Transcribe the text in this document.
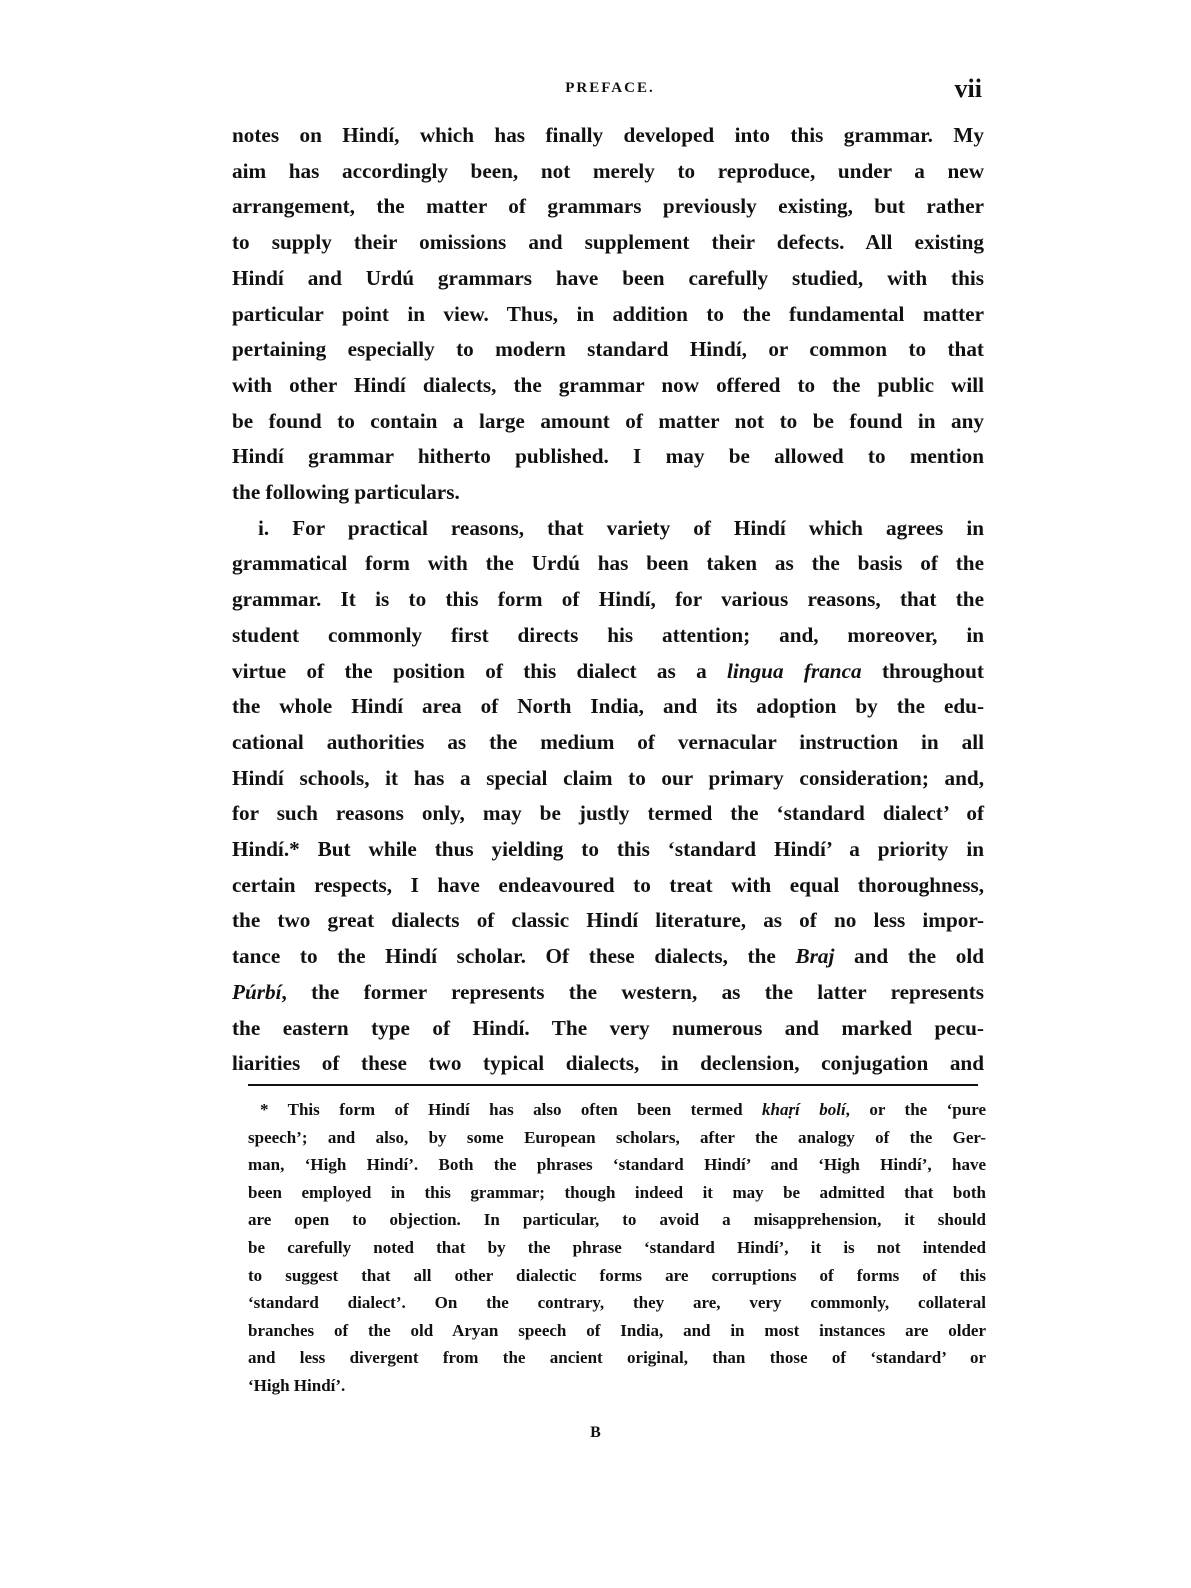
PREFACE.	vii
notes on Hindí, which has finally developed into this grammar. My
aim has accordingly been, not merely to reproduce, under a new
arrangement, the matter of grammars previously existing, but rather
to supply their omissions and supplement their defects. All existing
Hindí and Urdú grammars have been carefully studied, with this
particular point in view. Thus, in addition to the fundamental matter
pertaining especially to modern standard Hindí, or common to that
with other Hindí dialects, the grammar now offered to the public will
be found to contain a large amount of matter not to be found in any
Hindí grammar hitherto published. I may be allowed to mention
the following particulars.
i. For practical reasons, that variety of Hindí which agrees in
grammatical form with the Urdú has been taken as the basis of the
grammar. It is to this form of Hindí, for various reasons, that the
student commonly first directs his attention; and, moreover, in
virtue of the position of this dialect as a lingua franca throughout
the whole Hindí area of North India, and its adoption by the edu-
cational authorities as the medium of vernacular instruction in all
Hindí schools, it has a special claim to our primary consideration; and,
for such reasons only, may be justly termed the ‘standard dialect’ of
Hindí.* But while thus yielding to this ‘standard Hindí’ a priority in
certain respects, I have endeavoured to treat with equal thoroughness,
the two great dialects of classic Hindí literature, as of no less impor-
tance to the Hindí scholar. Of these dialects, the Braj and the old
Púrbí, the former represents the western, as the latter represents
the eastern type of Hindí. The very numerous and marked pecu-
liarities of these two typical dialects, in declension, conjugation and
* This form of Hindí has also often been termed khaṛí bolí, or the ‘pure
speech’; and also, by some European scholars, after the analogy of the Ger-
man, ‘High Hindí’. Both the phrases ‘standard Hindí’ and ‘High Hindí’, have
been employed in this grammar; though indeed it may be admitted that both
are open to objection. In particular, to avoid a misapprehension, it should
be carefully noted that by the phrase ‘standard Hindí’, it is not intended
to suggest that all other dialectic forms are corruptions of forms of this
‘standard dialect’. On the contrary, they are, very commonly, collateral
branches of the old Aryan speech of India, and in most instances are older
and less divergent from the ancient original, than those of ‘standard’ or
‘High Hindí’.
B
